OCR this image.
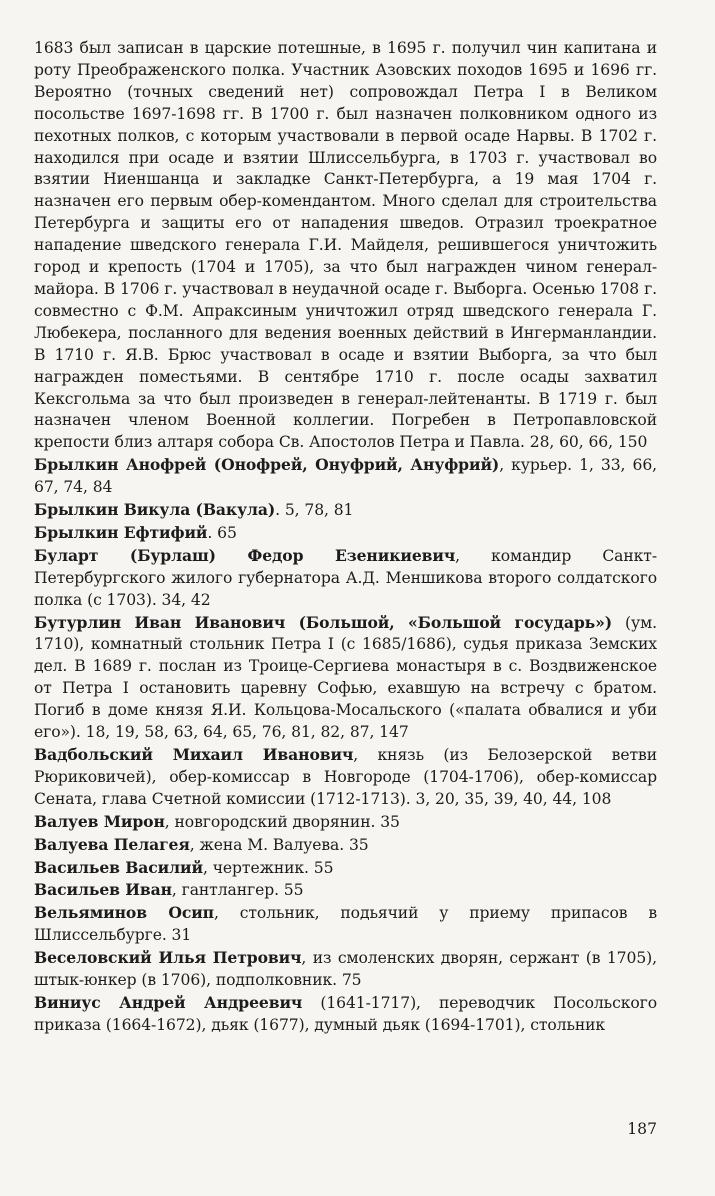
1683 был записан в царские потешные, в 1695 г. получил чин капитана и роту Преображенского полка. Участник Азовских походов 1695 и 1696 гг. Вероятно (точных сведений нет) сопровождал Петра I в Великом посольстве 1697-1698 гг. В 1700 г. был назначен полковником одного из пехотных полков, с которым участвовали в первой осаде Нарвы. В 1702 г. находился при осаде и взятии Шлиссельбурга, в 1703 г. участвовал во взятии Ниеншанца и закладке Санкт-Петербурга, а 19 мая 1704 г. назначен его первым обер-комендантом. Много сделал для строительства Петербурга и защиты его от нападения шведов. Отразил троекратное нападение шведского генерала Г.И. Майделя, решившегося уничтожить город и крепость (1704 и 1705), за что был награжден чином генерал-майора. В 1706 г. участвовал в неудачной осаде г. Выборга. Осенью 1708 г. совместно с Ф.М. Апраксиным уничтожил отряд шведского генерала Г. Любекера, посланного для ведения военных действий в Ингерманландии. В 1710 г. Я.В. Брюс участвовал в осаде и взятии Выборга, за что был награжден поместьями. В сентябре 1710 г. после осады захватил Кексгольма за что был произведен в генерал-лейтенанты. В 1719 г. был назначен членом Военной коллегии. Погребен в Петропавловской крепости близ алтаря собора Св. Апостолов Петра и Павла. 28, 60, 66, 150

Брылкин Анофрей (Онофрей, Онуфрий, Ануфрий), курьер. 1, 33, 66, 67, 74, 84

Брылкин Викула (Вакула). 5, 78, 81

Брылкин Ефтифий. 65

Буларт (Бурлаш) Федор Езеникиевич, командир Санкт-Петербургского жилого губернатора А.Д. Меншикова второго солдатского полка (с 1703). 34, 42

Бутурлин Иван Иванович (Большой, «Большой государь») (ум. 1710), комнатный стольник Петра I (с 1685/1686), судья приказа Земских дел. В 1689 г. послан из Троице-Сергиева монастыря в с. Воздвиженское от Петра I остановить царевну Софью, ехавшую на встречу с братом. Погиб в доме князя Я.И. Кольцова-Мосальского («палата обвалися и уби его»). 18, 19, 58, 63, 64, 65, 76, 81, 82, 87, 147

Вадбольский Михаил Иванович, князь (из Белозерской ветви Рюриковичей), обер-комиссар в Новгороде (1704-1706), обер-комиссар Сената, глава Счетной комиссии (1712-1713). 3, 20, 35, 39, 40, 44, 108

Валуев Мирон, новгородский дворянин. 35

Валуева Пелагея, жена М. Валуева. 35

Васильев Василий, чертежник. 55

Васильев Иван, гантлангер. 55

Вельяминов Осип, стольник, подьячий у приему припасов в Шлиссельбурге. 31

Веселовский Илья Петрович, из смоленских дворян, сержант (в 1705), штык-юнкер (в 1706), подполковник. 75

Виниус Андрей Андреевич (1641-1717), переводчик Посольского приказа (1664-1672), дьяк (1677), думный дьяк (1694-1701), стольник

187
